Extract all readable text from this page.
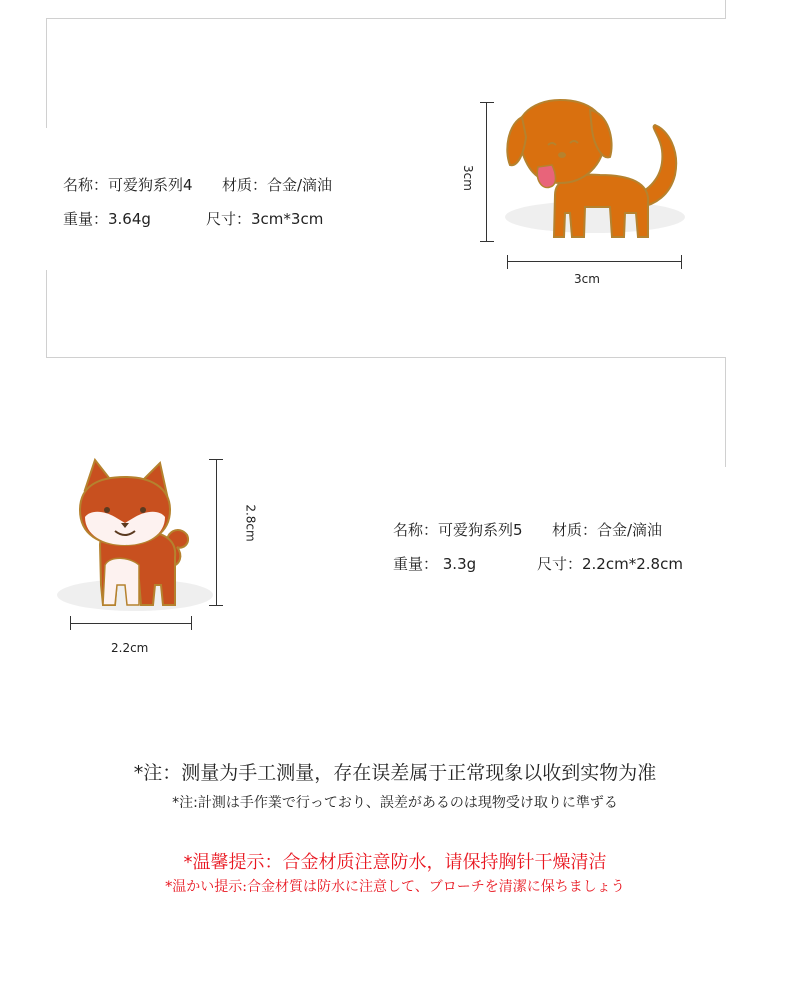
名称：可爱狗系列4 材质：合金/滴油
重量：3.64g	尺寸：3cm*3cm
3cm
3cm
2.8cm
2.2cm
名称：可爱狗系列5 材质：合金/滴油
重量： 3.3g	尺寸：2.2cm*2.8cm
*注：测量为手工测量，存在误差属于正常现象以收到实物为准
*注:計測は手作業で行っており、誤差があるのは現物受け取りに準ずる
*温馨提示：合金材质注意防水，请保持胸针干燥清洁
*温かい提示:合金材質は防水に注意して、ブローチを清潔に保ちましょう
